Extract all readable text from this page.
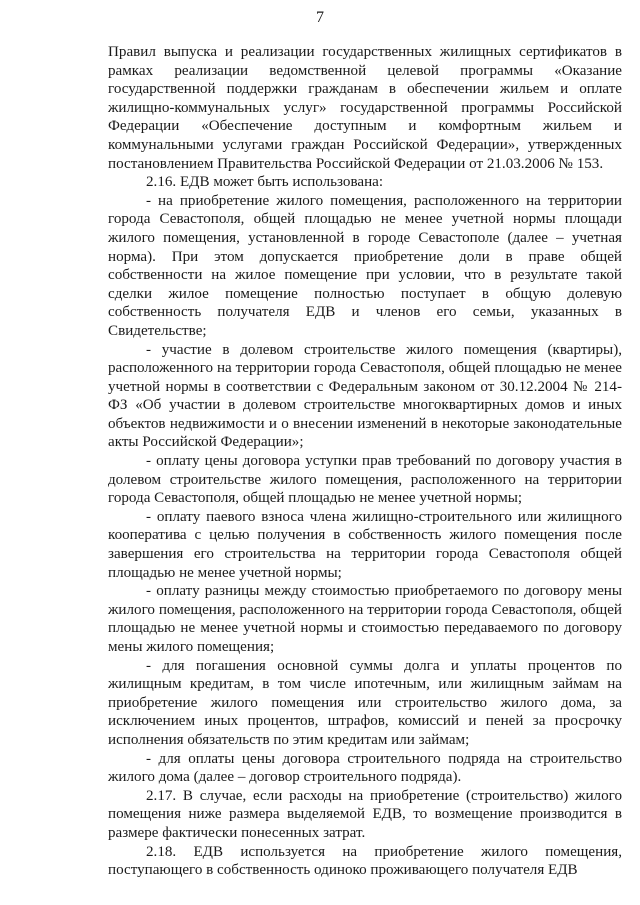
7

Правил выпуска и реализации государственных жилищных сертификатов в рамках реализации ведомственной целевой программы «Оказание государственной поддержки гражданам в обеспечении жильем и оплате жилищно-коммунальных услуг» государственной программы Российской Федерации «Обеспечение доступным и комфортным жильем и коммунальными услугами граждан Российской Федерации», утвержденных постановлением Правительства Российской Федерации от 21.03.2006 № 153.

2.16. ЕДВ может быть использована:

- на приобретение жилого помещения, расположенного на территории города Севастополя, общей площадью не менее учетной нормы площади жилого помещения, установленной в городе Севастополе (далее – учетная норма). При этом допускается приобретение доли в праве общей собственности на жилое помещение при условии, что в результате такой сделки жилое помещение полностью поступает в общую долевую собственность получателя ЕДВ и членов его семьи, указанных в Свидетельстве;

- участие в долевом строительстве жилого помещения (квартиры), расположенного на территории города Севастополя, общей площадью не менее учетной нормы в соответствии с Федеральным законом от 30.12.2004 № 214-ФЗ «Об участии в долевом строительстве многоквартирных домов и иных объектов недвижимости и о внесении изменений в некоторые законодательные акты Российской Федерации»;

- оплату цены договора уступки прав требований по договору участия в долевом строительстве жилого помещения, расположенного на территории города Севастополя, общей площадью не менее учетной нормы;

- оплату паевого взноса члена жилищно-строительного или жилищного кооператива с целью получения в собственность жилого помещения после завершения его строительства на территории города Севастополя общей площадью не менее учетной нормы;

- оплату разницы между стоимостью приобретаемого по договору мены жилого помещения, расположенного на территории города Севастополя, общей площадью не менее учетной нормы и стоимостью передаваемого по договору мены жилого помещения;

- для погашения основной суммы долга и уплаты процентов по жилищным кредитам, в том числе ипотечным, или жилищным займам на приобретение жилого помещения или строительство жилого дома, за исключением иных процентов, штрафов, комиссий и пеней за просрочку исполнения обязательств по этим кредитам или займам;

- для оплаты цены договора строительного подряда на строительство жилого дома (далее – договор строительного подряда).

2.17. В случае, если расходы на приобретение (строительство) жилого помещения ниже размера выделяемой ЕДВ, то возмещение производится в размере фактически понесенных затрат.

2.18. ЕДВ используется на приобретение жилого помещения, поступающего в собственность одиноко проживающего получателя ЕДВ
